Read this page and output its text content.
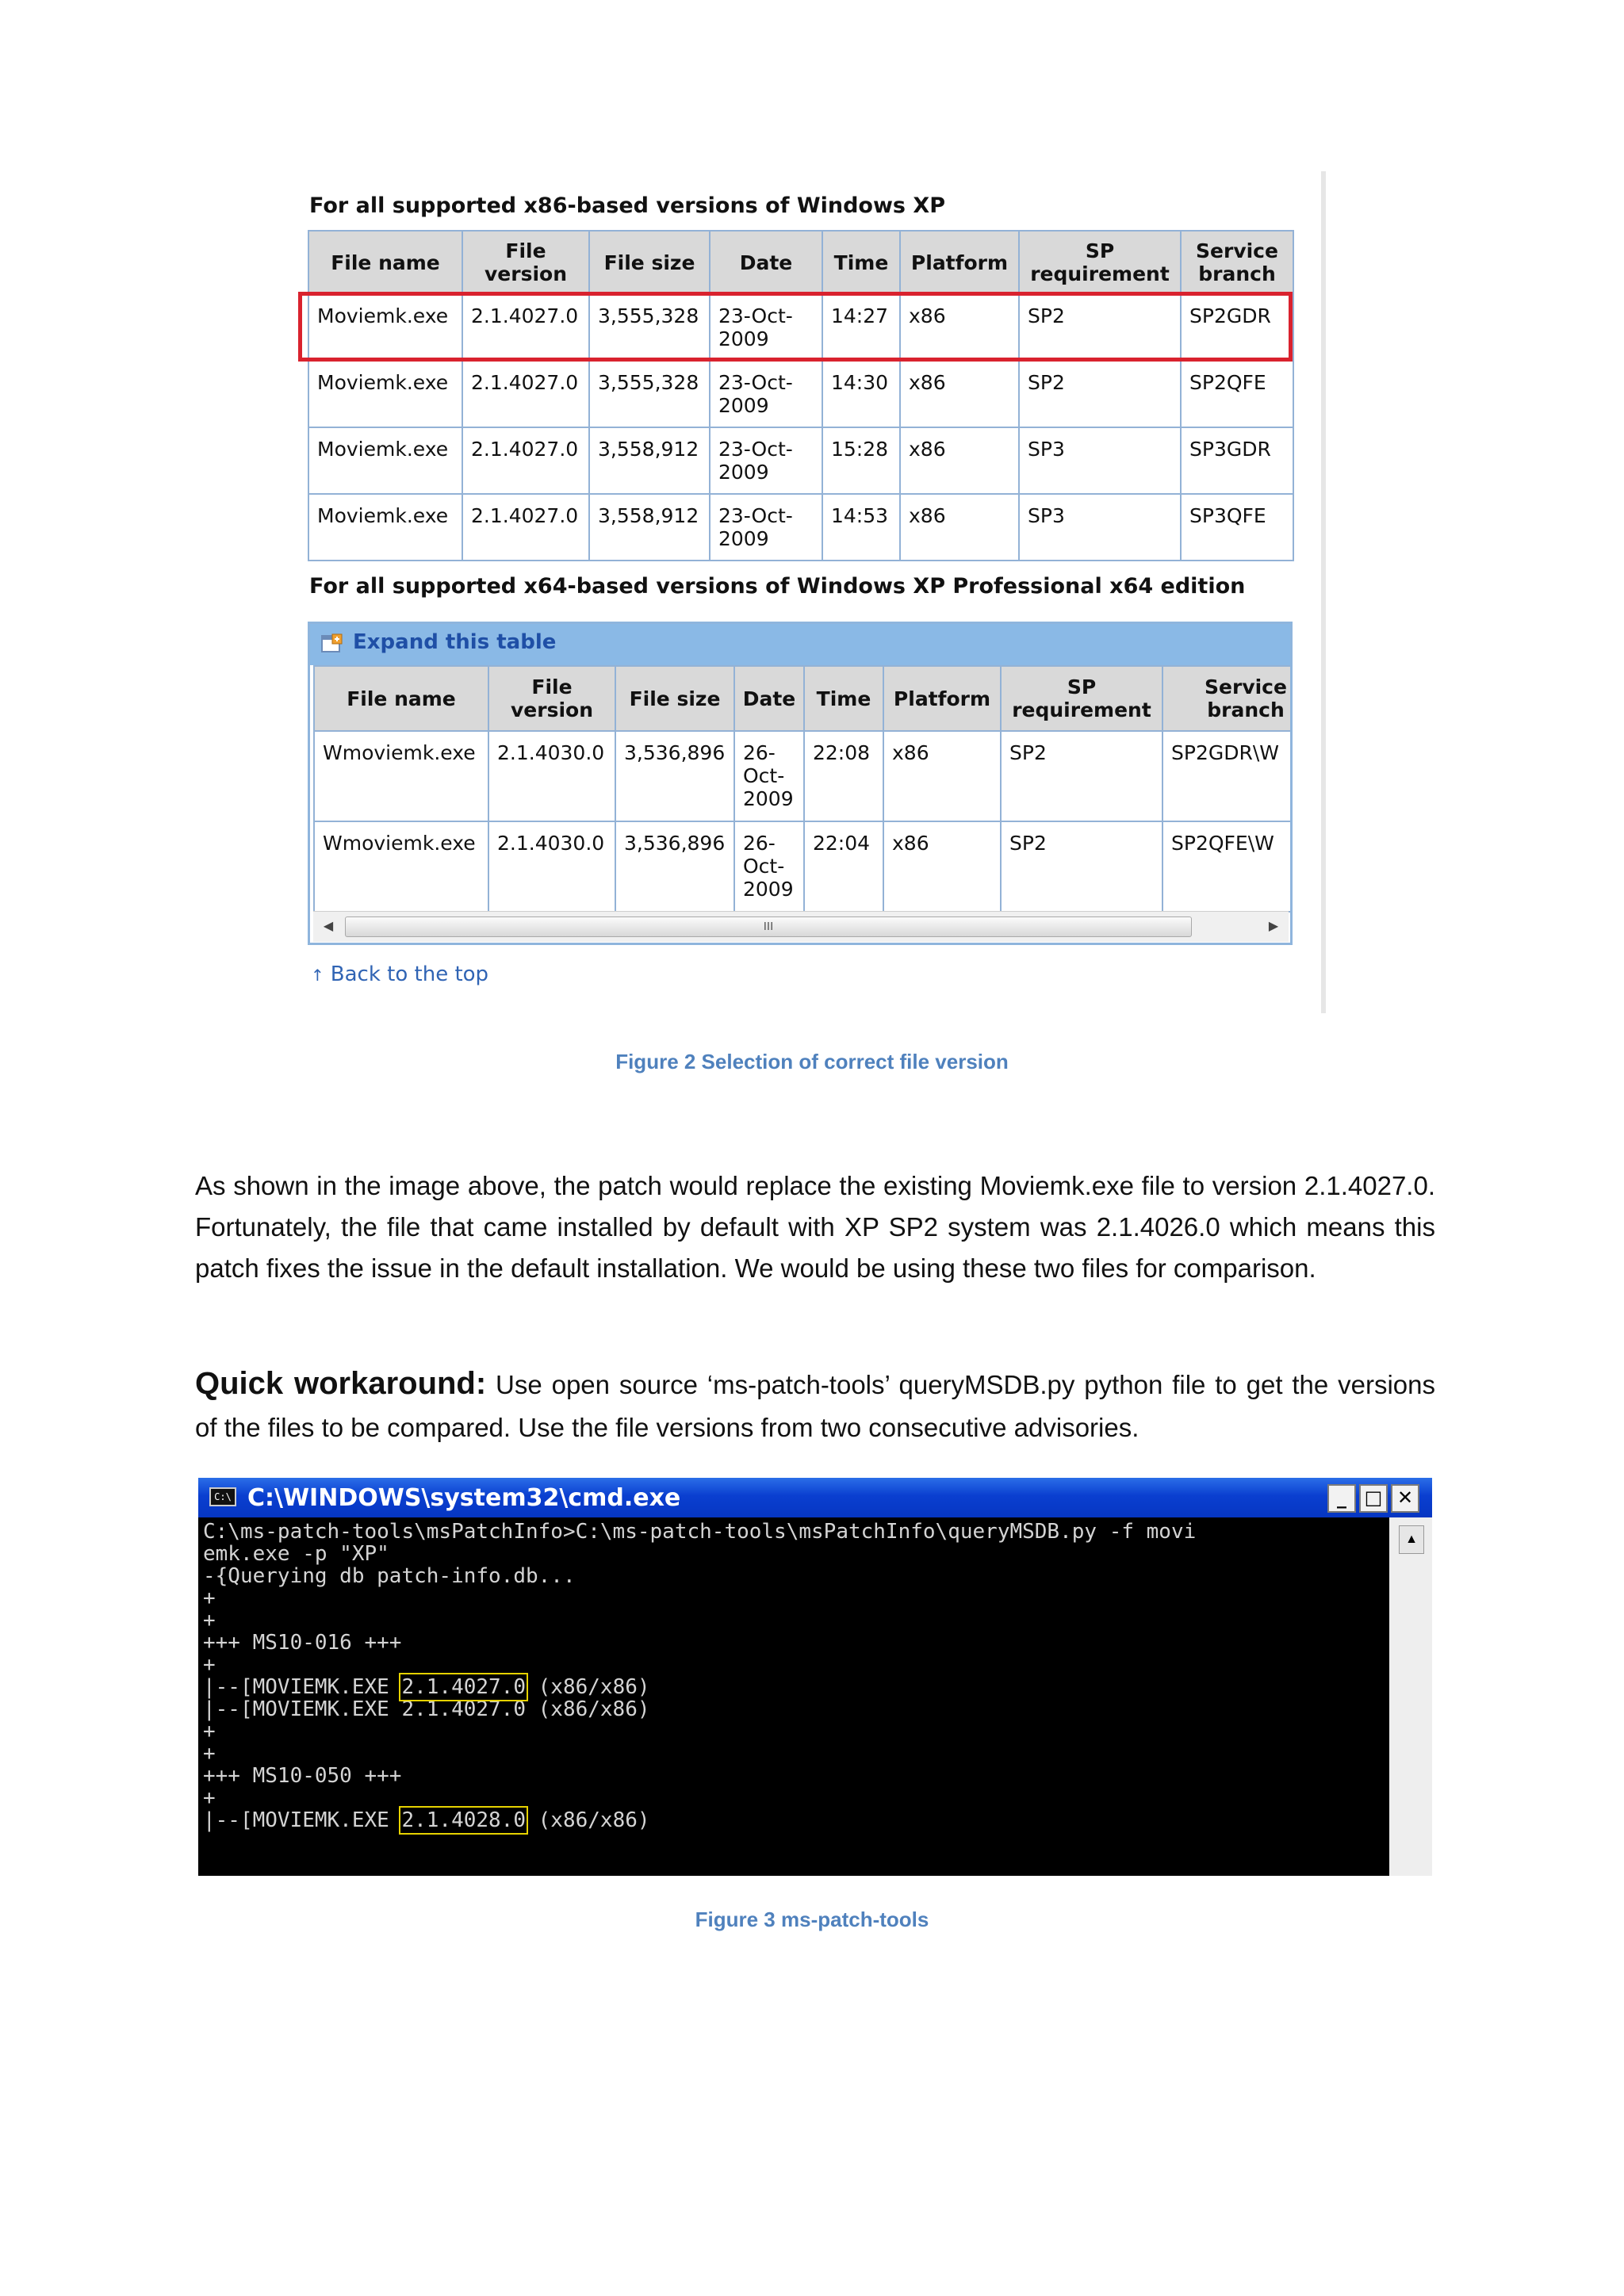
For all supported x86-based versions of Windows XP
File name	File version	File size	Date	Time	Platform	SP requirement	Service branch
Moviemk.exe	2.1.4027.0	3,555,328	23-Oct-2009	14:27	x86	SP2	SP2GDR
Moviemk.exe	2.1.4027.0	3,555,328	23-Oct-2009	14:30	x86	SP2	SP2QFE
Moviemk.exe	2.1.4027.0	3,558,912	23-Oct-2009	15:28	x86	SP3	SP3GDR
Moviemk.exe	2.1.4027.0	3,558,912	23-Oct-2009	14:53	x86	SP3	SP3QFE
For all supported x64-based versions of Windows XP Professional x64 edition
Expand this table
File name	File version	File size	Date	Time	Platform	SP requirement	Service branch
Wmoviemk.exe	2.1.4030.0	3,536,896	26-Oct-2009	22:08	x86	SP2	SP2GDR\W
Wmoviemk.exe	2.1.4030.0	3,536,896	26-Oct-2009	22:04	x86	SP2	SP2QFE\W
◀	III	▶
↑ Back to the top
Figure 2 Selection of correct file version
As shown in the image above, the patch would replace the existing Moviemk.exe file to version 2.1.4027.0. Fortunately, the file that came installed by default with XP SP2 system was 2.1.4026.0 which means this patch fixes the issue in the default installation. We would be using these two files for comparison.
Quick workaround: Use open source ‘ms-patch-tools’ queryMSDB.py python file to get the versions of the files to be compared. Use the file versions from two consecutive advisories.
C:\ C:\WINDOWS\system32\cmd.exe	_ □ ✕
C:\ms-patch-tools\msPatchInfo>C:\ms-patch-tools\msPatchInfo\queryMSDB.py -f movi
emk.exe -p "XP"
-{Querying db patch-info.db...
+
+
+++ MS10-016 +++
+
|--[MOVIEMK.EXE 2.1.4027.0 (x86/x86)
|--[MOVIEMK.EXE 2.1.4027.0 (x86/x86)
+
+
+++ MS10-050 +++
+
|--[MOVIEMK.EXE 2.1.4028.0 (x86/x86)
▲
Figure 3 ms-patch-tools
